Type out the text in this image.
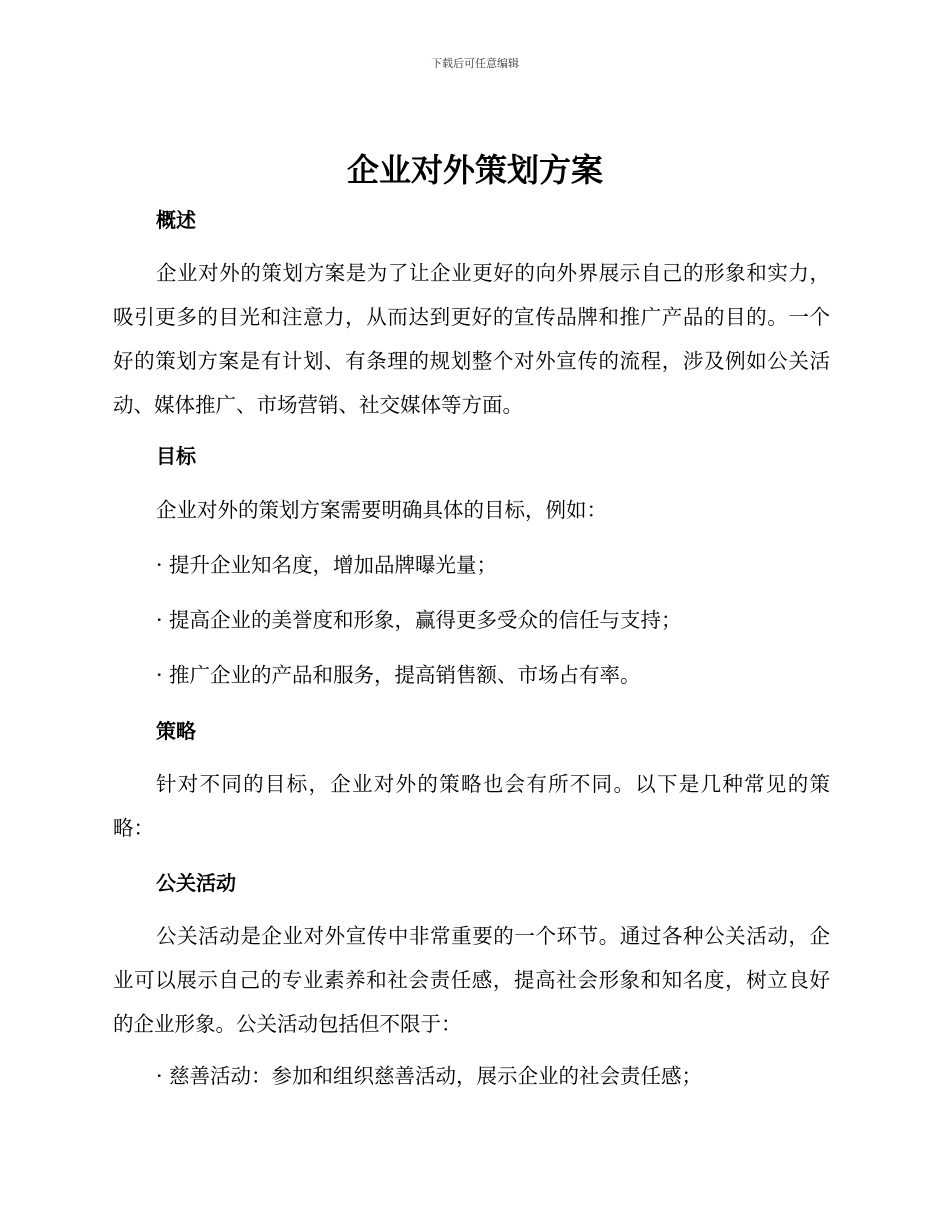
下载后可任意编辑
企业对外策划方案
概述

企业对外的策划方案是为了让企业更好的向外界展示自己的形象和实力，吸引更多的目光和注意力，从而达到更好的宣传品牌和推广产品的目的。一个好的策划方案是有计划、有条理的规划整个对外宣传的流程，涉及例如公关活动、媒体推广、市场营销、社交媒体等方面。

目标

企业对外的策划方案需要明确具体的目标，例如：

· 提升企业知名度，增加品牌曝光量；

· 提高企业的美誉度和形象，赢得更多受众的信任与支持；

· 推广企业的产品和服务，提高销售额、市场占有率。

策略

针对不同的目标，企业对外的策略也会有所不同。以下是几种常见的策略：

公关活动

公关活动是企业对外宣传中非常重要的一个环节。通过各种公关活动，企业可以展示自己的专业素养和社会责任感，提高社会形象和知名度，树立良好的企业形象。公关活动包括但不限于：

· 慈善活动：参加和组织慈善活动，展示企业的社会责任感；
